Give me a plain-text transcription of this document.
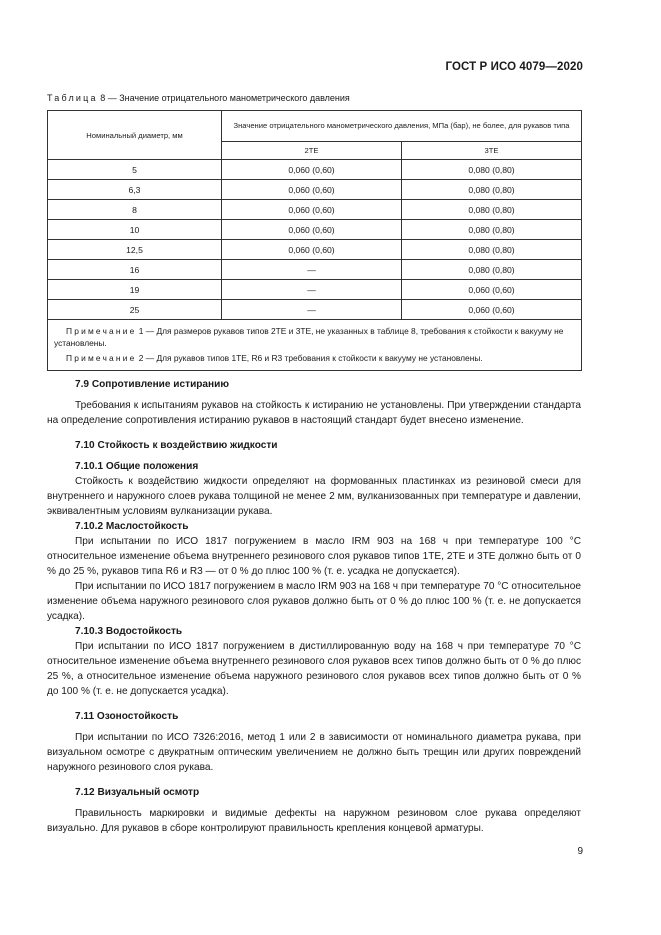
ГОСТ Р ИСО 4079—2020
Таблица 8 — Значение отрицательного манометрического давления
Номинальный диаметр, мм	Значение отрицательного манометрического давления, МПа (бар), не более, для рукавов типа	
	2ТЕ	3ТЕ
5	0,060 (0,60)	0,080 (0,80)
6,3	0,060 (0,60)	0,080 (0,80)
8	0,060 (0,60)	0,080 (0,80)
10	0,060 (0,60)	0,080 (0,80)
12,5	0,060 (0,60)	0,080 (0,80)
16	—	0,080 (0,80)
19	—	0,060 (0,60)
25	—	0,060 (0,60)

Примечание 1 — Для размеров рукавов типов 2ТЕ и 3ТЕ, не указанных в таблице 8, требования к стойкости к вакууму не установлены.

Примечание 2 — Для рукавов типов 1ТЕ, R6 и R3 требования к стойкости к вакууму не установлены.		

7.9 Сопротивление истиранию

Требования к испытаниям рукавов на стойкость к истиранию не установлены. При утверждении стандарта на определение сопротивления истиранию рукавов в настоящий стандарт будет внесено изменение.

7.10 Стойкость к воздействию жидкости
7.10.1 Общие положения

Стойкость к воздействию жидкости определяют на формованных пластинках из резиновой смеси для внутреннего и наружного слоев рукава толщиной не менее 2 мм, вулканизованных при температуре и давлении, эквивалентным условиям вулканизации рукава.

7.10.2 Маслостойкость

При испытании по ИСО 1817 погружением в масло IRM 903 на 168 ч при температуре 100 °С относительное изменение объема внутреннего резинового слоя рукавов типов 1ТЕ, 2ТЕ и 3ТЕ должно быть от 0 % до 25 %, рукавов типа R6 и R3 — от 0 % до плюс 100 % (т. е. усадка не допускается).

При испытании по ИСО 1817 погружением в масло IRM 903 на 168 ч при температуре 70 °С относительное изменение объема наружного резинового слоя рукавов должно быть от 0 % до плюс 100 % (т. е. не допускается усадка).

7.10.3 Водостойкость

При испытании по ИСО 1817 погружением в дистиллированную воду на 168 ч при температуре 70 °С относительное изменение объема внутреннего резинового слоя рукавов всех типов должно быть от 0 % до плюс 25 %, а относительное изменение объема наружного резинового слоя рукавов всех типов должно быть от 0 % до 100 % (т. е. не допускается усадка).

7.11 Озоностойкость

При испытании по ИСО 7326:2016, метод 1 или 2 в зависимости от номинального диаметра рукава, при визуальном осмотре с двукратным оптическим увеличением не должно быть трещин или других повреждений наружного резинового слоя рукава.

7.12 Визуальный осмотр

Правильность маркировки и видимые дефекты на наружном резиновом слое рукава определяют визуально. Для рукавов в сборе контролируют правильность крепления концевой арматуры.

9
